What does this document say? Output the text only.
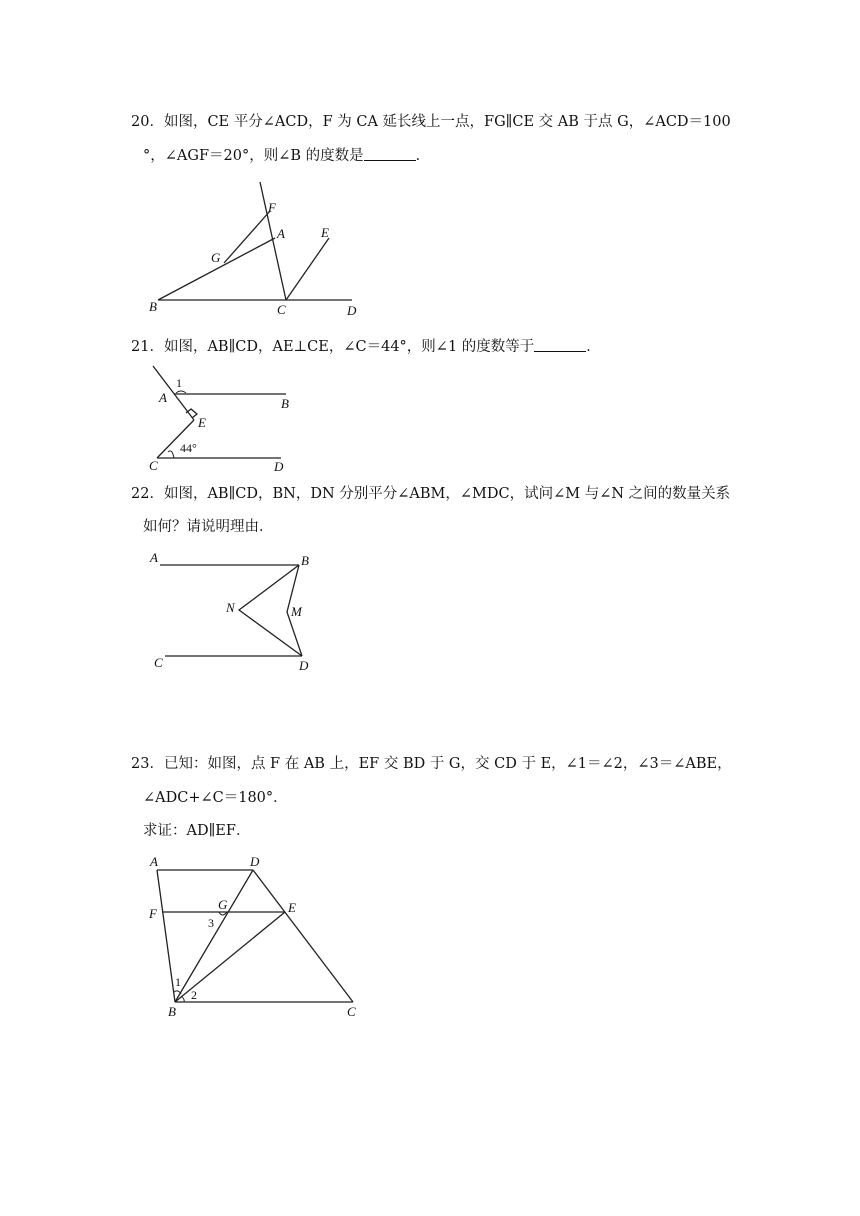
20．如图，CE 平分∠ACD，F 为 CA 延长线上一点，FG∥CE 交 AB 于点 G，∠ACD＝100
°，∠AGF＝20°，则∠B 的度数是	．
F
A	E
G
B	C	D
21．如图，AB∥CD，AE⊥CE，∠C＝44°，则∠1 的度数等于	．
1
A	B
E
44°
C	D
22．如图，AB∥CD，BN，DN 分别平分∠ABM，∠MDC，试问∠M 与∠N 之间的数量关系
如何？请说明理由．
A	B
N	M
C	D
23．已知：如图，点 F 在 AB 上，EF 交 BD 于 G，交 CD 于 E，∠1＝∠2，∠3＝∠ABE，
∠ADC+∠C＝180°．
求证：AD∥EF．
A	D
F
G	E
3
1
2
B	C
